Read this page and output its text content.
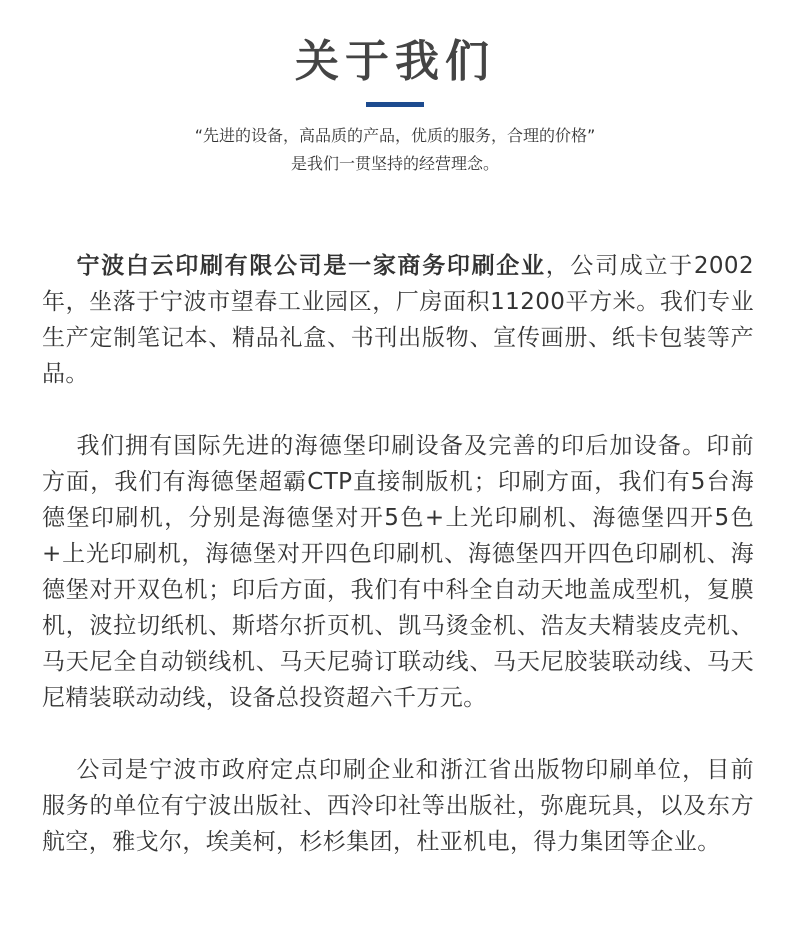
关于我们
“先进的设备，高品质的产品，优质的服务，合理的价格”
是我们一贯坚持的经营理念。

宁波白云印刷有限公司是一家商务印刷企业，公司成立于2002年，坐落于宁波市望春工业园区，厂房面积11200平方米。我们专业生产定制笔记本、精品礼盒、书刊出版物、宣传画册、纸卡包装等产品。

我们拥有国际先进的海德堡印刷设备及完善的印后加设备。印前方面，我们有海德堡超霸CTP直接制版机；印刷方面，我们有5台海德堡印刷机，分别是海德堡对开5色+上光印刷机、海德堡四开5色+上光印刷机，海德堡对开四色印刷机、海德堡四开四色印刷机、海德堡对开双色机；印后方面，我们有中科全自动天地盖成型机，复膜机，波拉切纸机、斯塔尔折页机、凯马烫金机、浩友夫精装皮壳机、马天尼全自动锁线机、马天尼骑订联动线、马天尼胶装联动线、马天尼精装联动动线，设备总投资超六千万元。

公司是宁波市政府定点印刷企业和浙江省出版物印刷单位，目前服务的单位有宁波出版社、西泠印社等出版社，弥鹿玩具，以及东方航空，雅戈尔，埃美柯，杉杉集团，杜亚机电，得力集团等企业。
